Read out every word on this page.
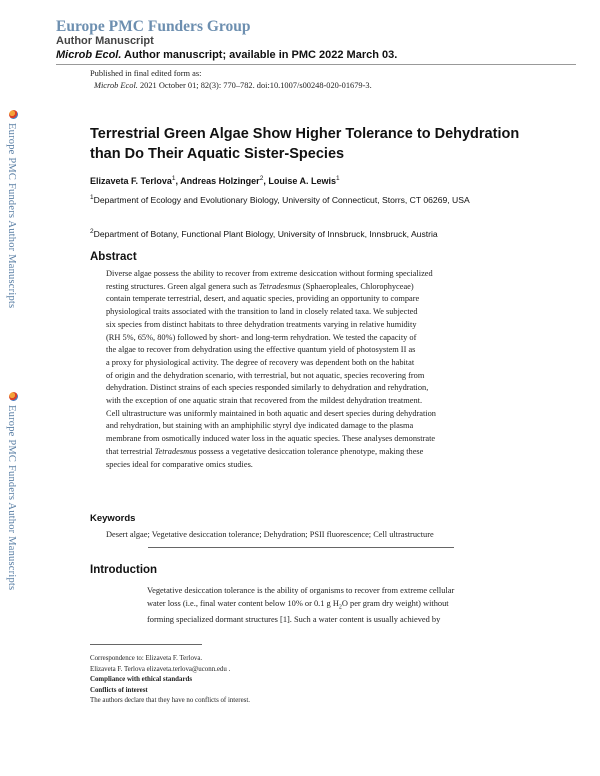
Europe PMC Funders Group
Author Manuscript
Microb Ecol. Author manuscript; available in PMC 2022 March 03.
Published in final edited form as:
Microb Ecol. 2021 October 01; 82(3): 770–782. doi:10.1007/s00248-020-01679-3.
Europe PMC Funders Author Manuscripts
Europe PMC Funders Author Manuscripts
Terrestrial Green Algae Show Higher Tolerance to Dehydration than Do Their Aquatic Sister-Species
Elizaveta F. Terlova$^1$, Andreas Holzinger$^2$, Louise A. Lewis$^1$
$^1$Department of Ecology and Evolutionary Biology, University of Connecticut, Storrs, CT 06269, USA
$^2$Department of Botany, Functional Plant Biology, University of Innsbruck, Innsbruck, Austria
Abstract
Diverse algae possess the ability to recover from extreme desiccation without forming specialized
resting structures. Green algal genera such as Tetradesmus (Sphaeropleales, Chlorophyceae)
contain temperate terrestrial, desert, and aquatic species, providing an opportunity to compare
physiological traits associated with the transition to land in closely related taxa. We subjected
six species from distinct habitats to three dehydration treatments varying in relative humidity
(RH 5%, 65%, 80%) followed by short- and long-term rehydration. We tested the capacity of
the algae to recover from dehydration using the effective quantum yield of photosystem II as
a proxy for physiological activity. The degree of recovery was dependent both on the habitat
of origin and the dehydration scenario, with terrestrial, but not aquatic, species recovering from
dehydration. Distinct strains of each species responded similarly to dehydration and rehydration,
with the exception of one aquatic strain that recovered from the mildest dehydration treatment.
Cell ultrastructure was uniformly maintained in both aquatic and desert species during dehydration
and rehydration, but staining with an amphiphilic styryl dye indicated damage to the plasma
membrane from osmotically induced water loss in the aquatic species. These analyses demonstrate
that terrestrial Tetradesmus possess a vegetative desiccation tolerance phenotype, making these
species ideal for comparative omics studies.
Keywords
Desert algae; Vegetative desiccation tolerance; Dehydration; PSII fluorescence; Cell ultrastructure
Introduction
Vegetative desiccation tolerance is the ability of organisms to recover from extreme cellular
water loss (i.e., final water content below 10% or 0.1 g $H_2O$ per gram dry weight) without
forming specialized dormant structures [1]. Such a water content is usually achieved by
Correspondence to: Elizaveta F. Terlova.
Elizaveta F. Terlova elizaveta.terlova@uconn.edu .
Compliance with ethical standards
Conflicts of interest
The authors declare that they have no conflicts of interest.
